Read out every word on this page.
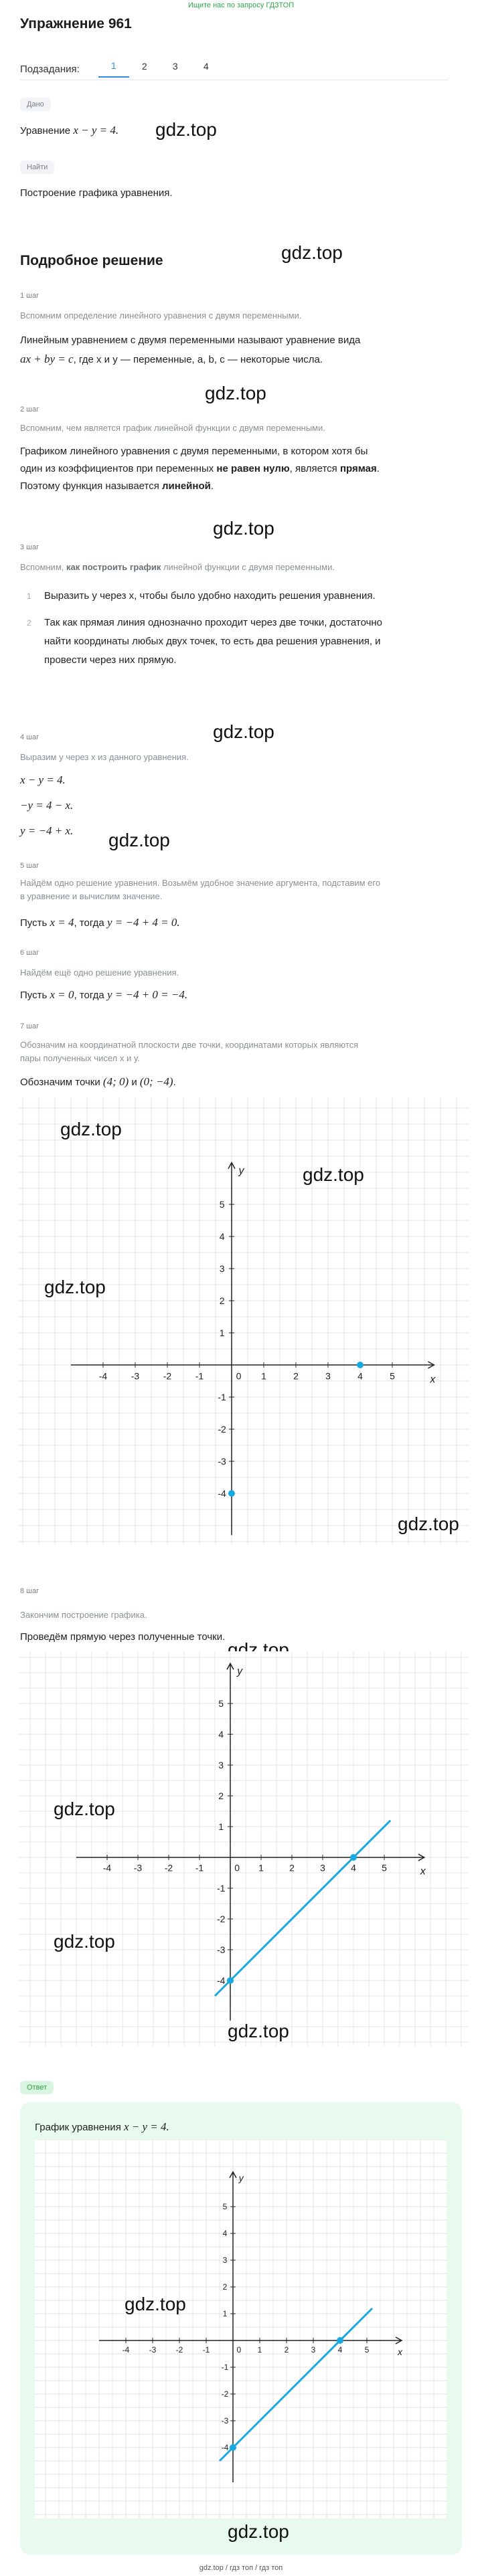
Ищите нас по запросу ГДЗТОП
Упражнение 961
Подзадания:	1	2	3	4
Дано
Уравнение x − y = 4. gdz.top
Найти
Построение графика уравнения.
gdz.top
Подробное решение
1 шаг
Вспомним определение линейного уравнения с двумя переменными.
Линейным уравнением с двумя переменными называют уравнение вида
ax + by = c, где x и y — переменные, a, b, c — некоторые числа.
gdz.top
2 шаг
Вспомним, чем является график линейной функции с двумя переменными.
Графиком линейного уравнения с двумя переменными, в котором хотя бы
один из коэффициентов при переменных не равен нулю, является прямая.
Поэтому функция называется линейной.
gdz.top
3 шаг
Вспомним, как построить график линейной функции с двумя переменными.
1 Выразить y через x, чтобы было удобно находить решения уравнения.
2 Так как прямая линия однозначно проходит через две точки, достаточно
найти координаты любых двух точек, то есть два решения уравнения, и
провести через них прямую.
gdz.top
4 шаг
Выразим y через x из данного уравнения.
x − y = 4.
−y = 4 − x.
y = −4 + x. gdz.top
5 шаг
Найдём одно решение уравнения. Возьмём удобное значение аргумента, подставим его
в уравнение и вычислим значение.
Пусть x = 4, тогда y = −4 + 4 = 0.
6 шаг
Найдём ещё одно решение уравнения.
Пусть x = 0, тогда y = −4 + 0 = −4.
7 шаг
Обозначим на координатной плоскости две точки, координатами которых являются
пары полученных чисел x и y.
Обозначим точки (4; 0) и (0; −4).
x
y
-4	-3	-2	-1	1	2	3	4	5
5
4
3
2
1
-1
-2
-3
-4
0
gdz.top
gdz.top
gdz.top
gdz.top
8 шаг
Закончим построение графика.
Проведём прямую через полученные точки.
gdz.top
x
y
-4 -3 -2 -1	1	2	3	4	5
5
4
3
2
1
-1
-2
-3
-4
0
gdz.top
gdz.top
gdz.top
Ответ
График уравнения x − y = 4.
x
y
-4 -3 -2 -1	1	2	3	4	5
5
4
3
2
1
-1
-2
-3
-4
0
gdz.top
gdz.top
gdz.top / гдз топ / гдз топ
